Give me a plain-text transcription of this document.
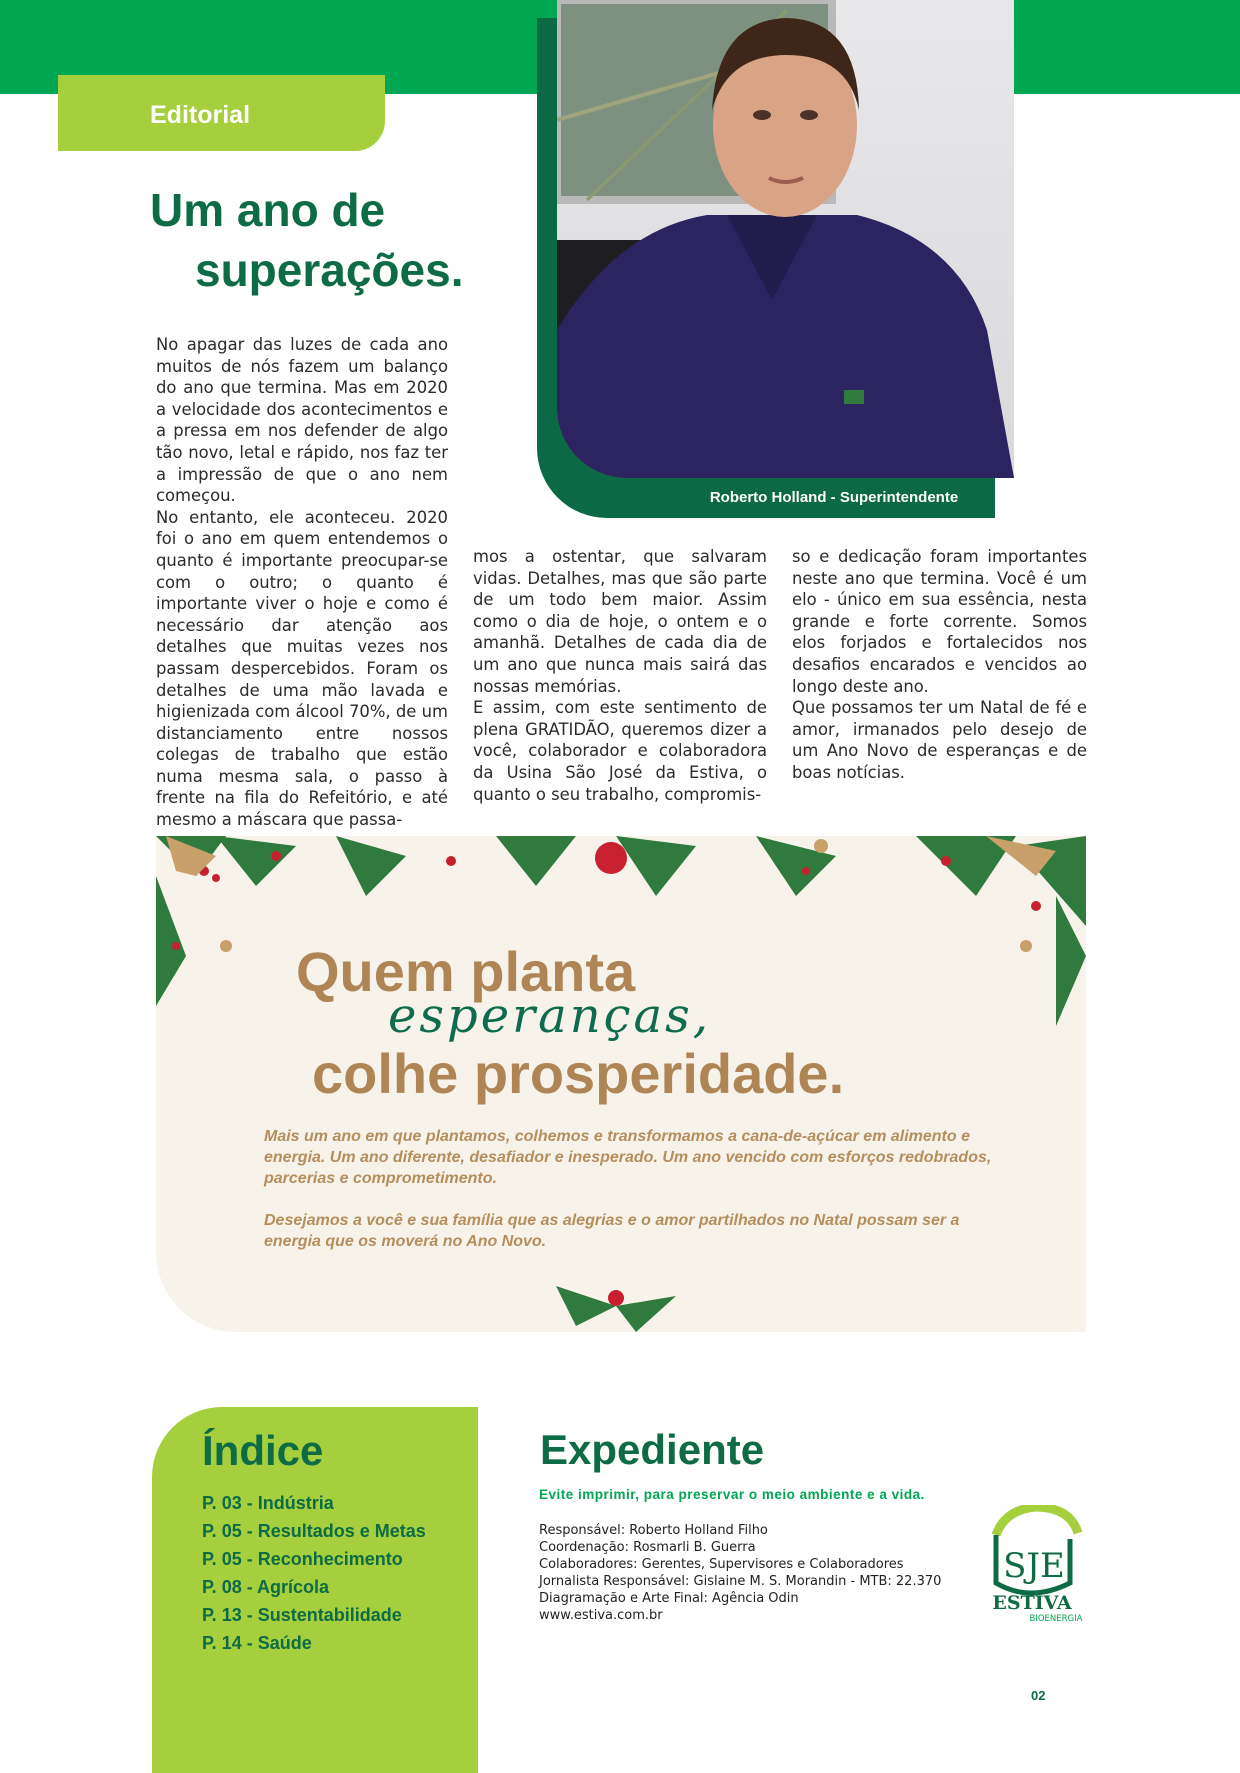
Editorial
Um ano de
superações.
Roberto Holland - Superintendente

No apagar das luzes de cada ano muitos de nós fazem um balanço do ano que termina. Mas em 2020 a velocidade dos acontecimentos e a pressa em nos defender de algo tão novo, letal e rápido, nos faz ter a impressão de que o ano nem começou.

No entanto, ele aconteceu. 2020 foi o ano em quem entendemos o quanto é importante preocupar-se com o outro; o quanto é importante viver o hoje e como é necessário dar atenção aos detalhes que muitas vezes nos passam despercebidos. Foram os detalhes de uma mão lavada e higienizada com álcool 70%, de um distanciamento entre nossos colegas de trabalho que estão numa mesma sala, o passo à frente na fila do Refeitório, e até mesmo a máscara que passa-

mos a ostentar, que salvaram vidas. Detalhes, mas que são parte de um todo bem maior. Assim como o dia de hoje, o ontem e o amanhã. Detalhes de cada dia de um ano que nunca mais sairá das nossas memórias.

E assim, com este sentimento de plena GRATIDÃO, queremos dizer a você, colaborador e colaboradora da Usina São José da Estiva, o quanto o seu trabalho, compromis-

so e dedicação foram importantes neste ano que termina. Você é um elo - único em sua essência, nesta grande e forte corrente. Somos elos forjados e fortalecidos nos desafios encarados e vencidos ao longo deste ano.

Que possamos ter um Natal de fé e amor, irmanados pelo desejo de um Ano Novo de esperanças e de boas notícias.

Quem planta
esperanças,
colhe prosperidade.

Mais um ano em que plantamos, colhemos e transformamos a cana-de-açúcar em alimento e energia. Um ano diferente, desafiador e inesperado. Um ano vencido com esforços redobrados, parcerias e comprometimento.

Desejamos a você e sua família que as alegrias e o amor partilhados no Natal possam ser a energia que os moverá no Ano Novo.

Índice
P. 03 - Indústria
P. 05 - Resultados e Metas
P. 05 - Reconhecimento
P. 08 - Agrícola
P. 13 - Sustentabilidade
P. 14 - Saúde
Expediente
Evite imprimir, para preservar o meio ambiente e a vida.
Responsável: Roberto Holland Filho
Coordenação: Rosmarli B. Guerra
Colaboradores: Gerentes, Supervisores e Colaboradores
Jornalista Responsável: Gislaine M. S. Morandin - MTB: 22.370
Diagramação e Arte Final: Agência Odin
www.estiva.com.br
SJE
ESTIVA
BIOENERGIA
02
